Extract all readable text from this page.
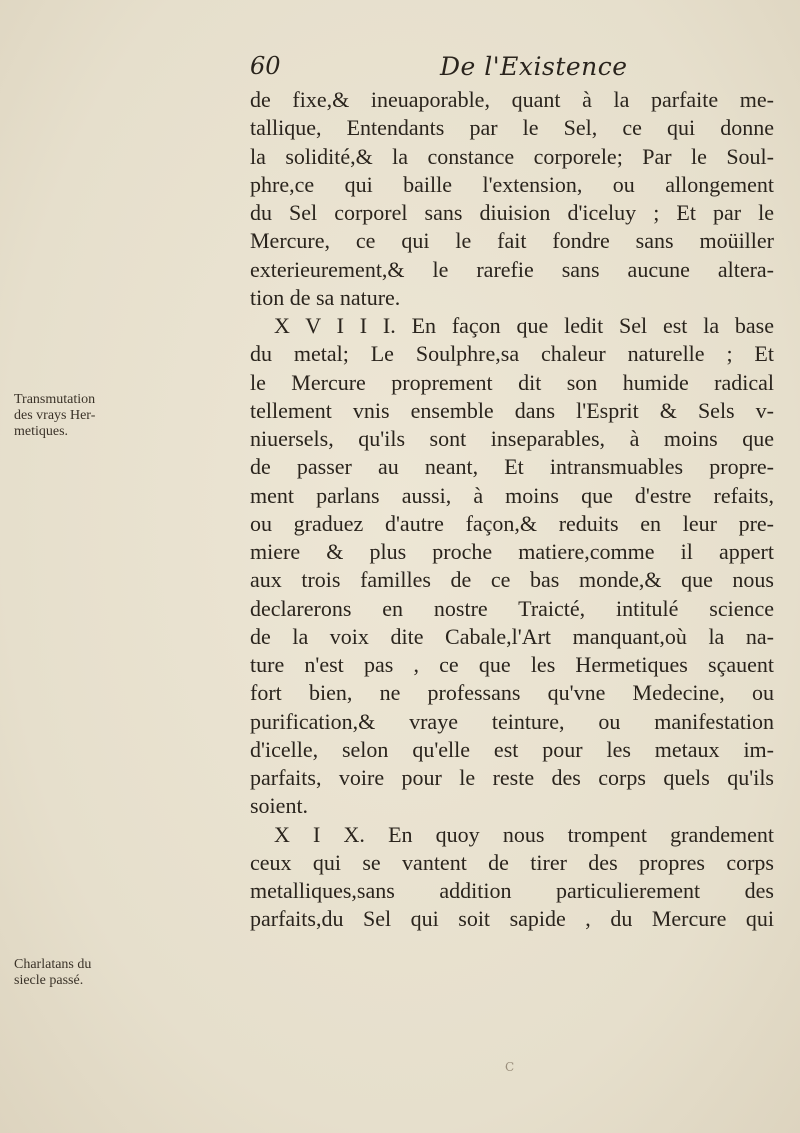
60	De l'Existence
de fixe,& ineuaporable, quant à la parfaite me-
tallique, Entendants par le Sel, ce qui donne
la solidité,& la constance corporele; Par le Soul-
phre,ce qui baille l'extension, ou allongement
du Sel corporel sans diuision d'iceluy ; Et par le
Mercure, ce qui le fait fondre sans moüiller
exterieurement,& le rarefie sans aucune altera-
tion de sa nature.
X V I I I. En façon que ledit Sel est la base
du metal; Le Soulphre,sa chaleur naturelle ; Et
le Mercure proprement dit son humide radical
tellement vnis ensemble dans l'Esprit & Sels v-
niuersels, qu'ils sont inseparables, à moins que
de passer au neant, Et intransmuables propre-
ment parlans aussi, à moins que d'estre refaits,
ou graduez d'autre façon,& reduits en leur pre-
miere & plus proche matiere,comme il appert
aux trois familles de ce bas monde,& que nous
declarerons en nostre Traicté, intitulé science
de la voix dite Cabale,l'Art manquant,où la na-
ture n'est pas , ce que les Hermetiques sçauent
fort bien, ne professans qu'vne Medecine, ou
purification,& vraye teinture, ou manifestation
d'icelle, selon qu'elle est pour les metaux im-
parfaits, voire pour le reste des corps quels qu'ils
soient.
X I X. En quoy nous trompent grandement
ceux qui se vantent de tirer des propres corps
metalliques,sans addition particulierement des
parfaits,du Sel qui soit sapide , du Mercure qui
Transmutation
des vrays Her-
metiques.
Charlatans du
siecle passé.
C
